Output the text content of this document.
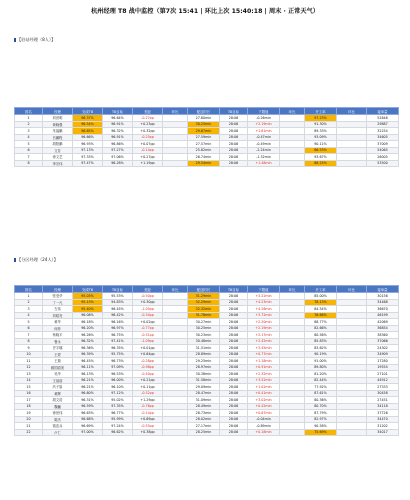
杭州经理 T8 战中监控（第7次 15:41 | 环比上次 15:40:18 | 周末 · 正常天气）
【驻站经理（8人）】
排名	经理	完成T8	T8目标	差距	环比	配送时长	T8目标	下限值	环比	开工率	环比	接单量
1	刘世明	96.37%	96.64%	-0.27pp		27.80min	28:06	-0.26min		97.23%		52846
2	黄晓强	96.54%	96.91%	+0.23pp		30.25min	28:06	+2.19min		91.30%		29887
3	朱福鹏	96.65%	96.32%	+0.32pp		29.67min	28:06	+1.61min		89.33%		32254
4	吕鹏程	96.66%	96.91%	-0.25pp		27.59min	28:06	-0.47min		93.09%		34605
5	胡阳鹏	96.93%	96.86%	+0.07pp		27.57min	28:06	-0.49min		90.11%		37009
6	文芳	97.13%	97.27%	-0.14pp		25.82min	28:06	-2.24min		86.53%		54065
7	徐文艺	97.33%	97.06%	+0.27pp		26.74min	28:06	-1.32min		93.67%		26005
8	李宗伟	97.47%	96.28%	+1.19pp		29.54min	28:06	+1.48min		88.25%		53500
【分区经理（24人）】
排名	经理	完成T8	T8目标	差距	环比	配送时长	T8目标	下限值	环比	开工率	环比	接单量
1	张莹华	95.03%	95.53%	-0.50pp		31.29min	28:06	+3.22min		85.00%		30156
2	丁一凡	95.13%	94.83%	+0.30pp		32.29min	28:06	+4.23min		78.13%		34468
3	左伟	95.40%	96.45%	-1.05pp		32.32min	28:06	+4.26min		84.54%		36670
4	刘昭亮	96.08%	96.42%	-0.34pp		31.78min	28:06	+3.72min		76.68%		46199
5	黄华	96.18%	96.16%	+0.02pp		30.27min	28:06	+2.20min		88.77%		42069
6	何菲	96.20%	96.97%	-0.77pp		30.25min	28:06	+2.19min		82.66%		36854
7	杨晓平	96.26%	96.75%	-0.51pp		30.23min	28:06	+2.17min		80.56%		38360
8	鲁永	96.32%	97.41%	-1.09pp		30.48min	28:06	+2.42min		85.83%		37066
9	史宇娜	96.36%	96.35%	+0.01pp		31.51min	28:06	+3.45min		83.62%		24302
10	王蒙	96.39%	95.75%	+0.64pp		28.89min	28:06	+0.77min		90.19%		34909
11	王瑞	96.45%	96.73%	-0.28pp		29.25min	28:06	+1.18min		91.00%		17280
12	顾国清美	96.11%	97.09%	-0.98pp		28.97min	28:06	+0.91min		89.80%		19554
13	吴华	96.13%	96.53%	-0.40pp		30.38min	28:06	+2.32min		81.20%		27101
14	王蓓蓓	96.21%	96.00%	+0.21pp		31.58min	28:06	+3.52min		82.44%		44912
15	冯子原	96.21%	96.10%	+0.11pp		29.09min	28:06	+1.02min		77.92%		27333
16	黄辉	96.60%	97.12%	-0.52pp		28.47min	28:06	+0.41min		87.61%		30458
17	胡文浩	96.31%	95.02%	+1.29pp		31.09min	28:06	+3.02min		80.36%		27451
18	魏巍	96.59%	97.35%	-0.76pp		28.49min	28:06	+0.42min		80.70%		34118
19	徐世伟	96.63%	96.77%	-0.14pp		28.73min	28:06	+0.67min		87.79%		37726
20	陈杰	96.68%	95.99%	+0.69pp		28.02min	28:06	-0.04min		82.97%		34470
21	钱忠兵	96.69%	97.24%	-0.55pp		27.17min	28:06	-0.89min		90.58%		31202
22	卢仁	97.00%	96.62%	+0.38pp		28.25min	28:06	+0.18min		75.69%		34017
